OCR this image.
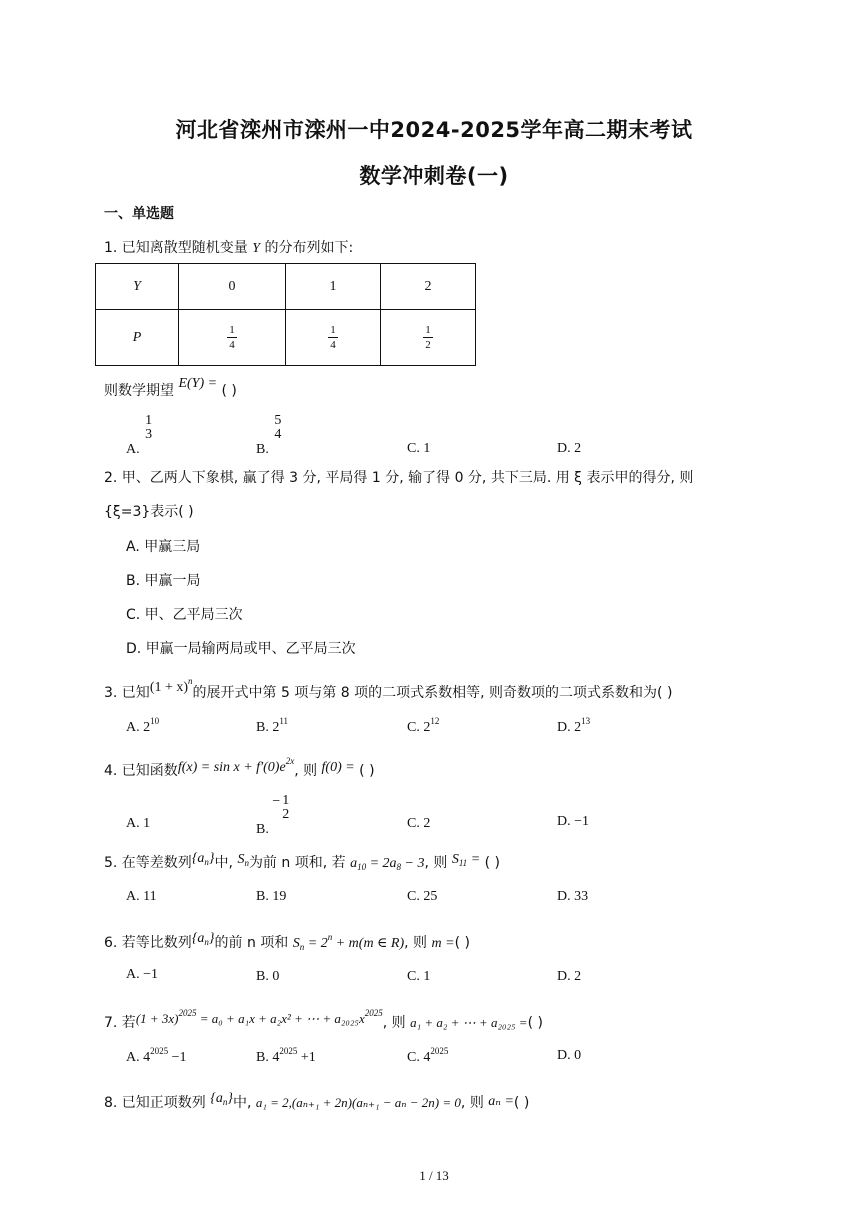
河北省滦州市滦州一中2024-2025学年高二期末考试
数学冲刺卷(一)
一、单选题
1. 已知离散型随机变量 Y 的分布列如下:
Y	0	1	2
P	$\frac{1}{4}$	$\frac{1}{4}$	$\frac{1}{2}$
则数学期望 E(Y) = ( )
A.
1
3
B.
5
4
C. 1	D. 2
2. 甲、乙两人下象棋, 赢了得 3 分, 平局得 1 分, 输了得 0 分, 共下三局. 用 ξ 表示甲的得分, 则
{ξ=3}表示( )
A. 甲赢三局
B. 甲赢一局
C. 甲、乙平局三次
D. 甲赢一局输两局或甲、乙平局三次
3. 已知$(1 + x)^n$的展开式中第 5 项与第 8 项的二项式系数相等, 则奇数项的二项式系数和为( )
A. $2^{10}$	B. $2^{11}$	C. $2^{12}$	D. $2^{13}$
4. 已知函数$f(x) = \sin x + f'(0)e^{2x}$, 则 f(0) = ( )
A. 1	B. − 1
2
C. 2	D. −1
5. 在等差数列$\{a_n\}$中, $S_n$为前 n 项和, 若 $a_{10} = 2a_8 - 3$, 则 $S_{11}$ = ( )
A. 11	B. 19	C. 25	D. 33
6. 若等比数列$\{a_n\}$的前 n 项和 $S_n = 2^n + m(m$ ∈ R), 则 m =( )
A. −1	B. 0	C. 1	D. 2
7. 若$(1 + 3x)^{2025} = a_0 + a_1x + a_2x^2$ + ⋯ + $a_{2025}x^{2025}$, 则 a₁ + a₂ + ⋯ + a₂₀₂₅ =( )
A. $4^{2025} -1$	B. $4^{2025} +1$	C. $4^{2025}$	D. 0
8. 已知正项数列 $\{a_n\}$中, a₁ = 2,(aₙ₊₁ + 2n)(aₙ₊₁ − aₙ − 2n) = 0, 则 aₙ =( )
1 / 13
